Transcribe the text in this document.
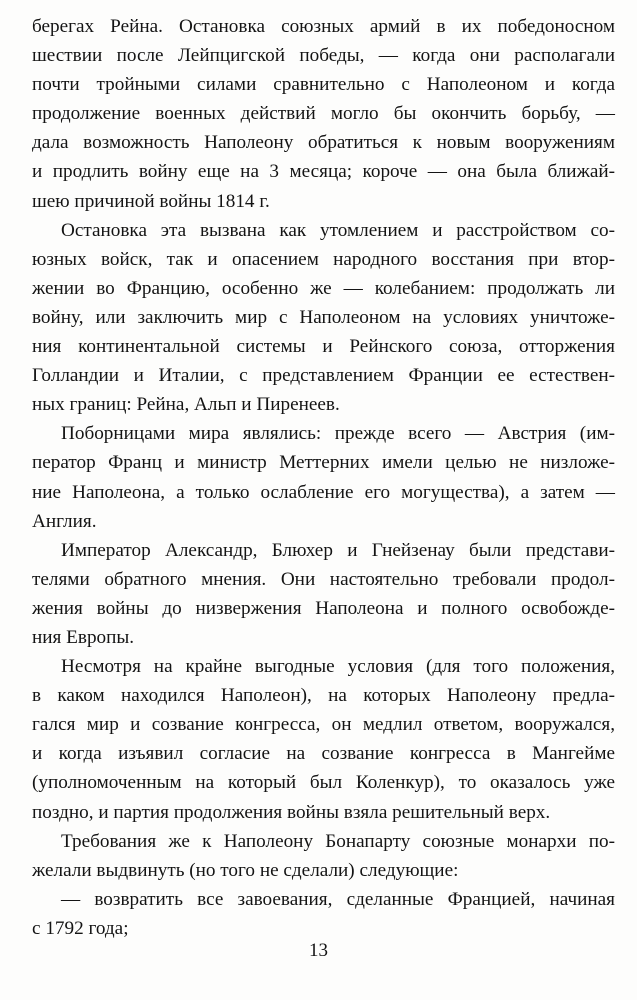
берегах Рейна. Остановка союзных армий в их победоносном
шествии после Лейпцигской победы, — когда они располагали
почти тройными силами сравнительно с Наполеоном и когда
продолжение военных действий могло бы окончить борьбу, —
дала возможность Наполеону обратиться к новым вооружениям
и продлить войну еще на 3 месяца; короче — она была ближай-
шею причиной войны 1814 г.

Остановка эта вызвана как утомлением и расстройством со-
юзных войск, так и опасением народного восстания при втор-
жении во Францию, особенно же — колебанием: продолжать ли
войну, или заключить мир с Наполеоном на условиях уничтоже-
ния континентальной системы и Рейнского союза, отторжения
Голландии и Италии, с представлением Франции ее естествен-
ных границ: Рейна, Альп и Пиренеев.

Поборницами мира являлись: прежде всего — Австрия (им-
ператор Франц и министр Меттерних имели целью не низложе-
ние Наполеона, а только ослабление его могущества), а затем —
Англия.

Император Александр, Блюхер и Гнейзенау были представи-
телями обратного мнения. Они настоятельно требовали продол-
жения войны до низвержения Наполеона и полного освобожде-
ния Европы.

Несмотря на крайне выгодные условия (для того положения,
в каком находился Наполеон), на которых Наполеону предла-
гался мир и созвание конгресса, он медлил ответом, вооружался,
и когда изъявил согласие на созвание конгресса в Мангейме
(уполномоченным на который был Коленкур), то оказалось уже
поздно, и партия продолжения войны взяла решительный верх.

Требования же к Наполеону Бонапарту союзные монархи по-
желали выдвинуть (но того не сделали) следующие:

— возвратить все завоевания, сделанные Францией, начиная
с 1792 года;

13
